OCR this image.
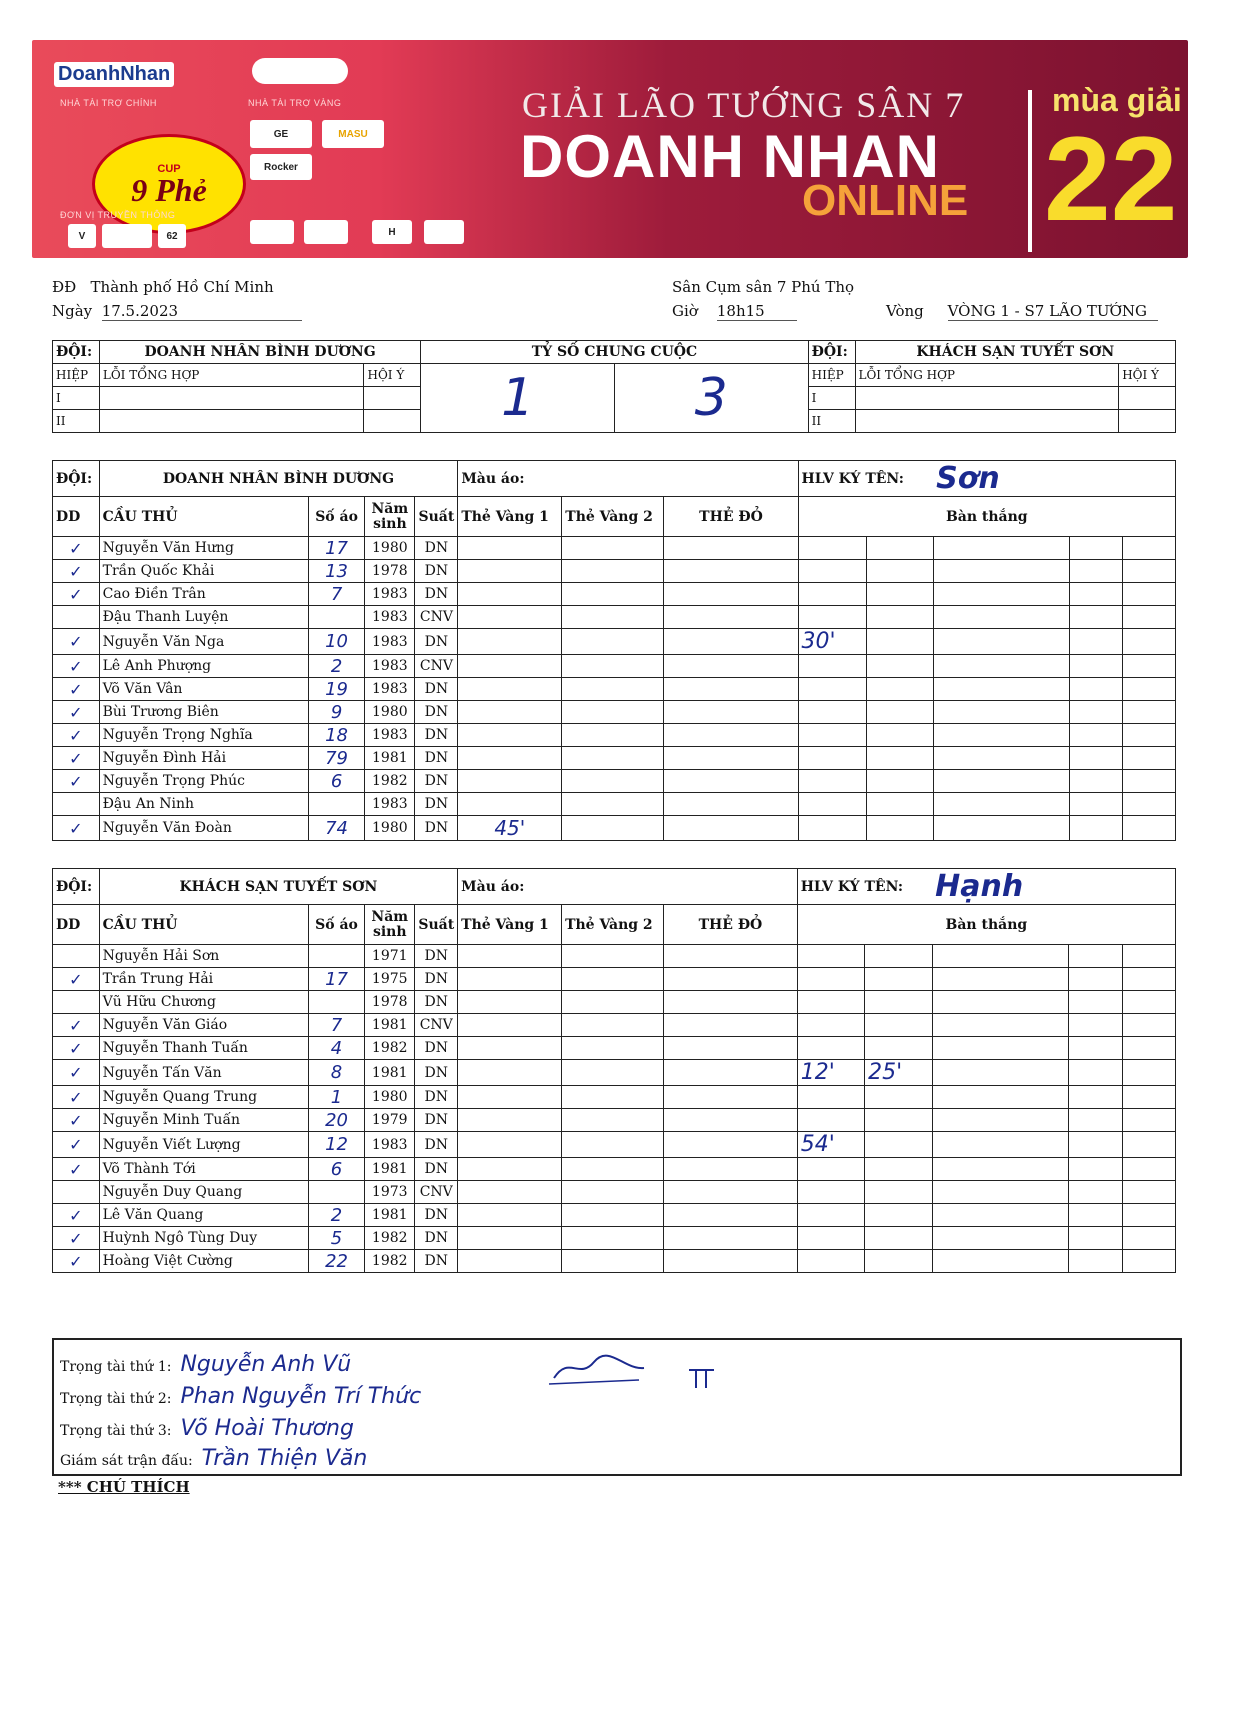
DoanhNhan
NHÀ TÀI TRỢ CHÍNH
CUP
9 Phẻ
ĐƠN VỊ TRUYỀN THÔNG
V	62
NHÀ TÀI TRỢ VÀNG
GE	MASU
Rocker
H
GIẢI LÃO TƯỚNG SÂN 7
DOANH NHAN
ONLINE
mùa giải
22
ĐĐ Thành phố Hồ Chí Minh
Ngày 17.5.2023
Sân Cụm sân 7 Phú Thọ
Giờ 18h15	Vòng VÒNG 1 - S7 LÃO TƯỚNG
ĐỘI:	DOANH NHÂN BÌNH DƯƠNG		TỶ SỐ CHUNG CUỘC		ĐỘI:	KHÁCH SẠN TUYẾT SƠN	
HIỆP	LỖI TỔNG HỢP	HỘI Ý	1	3	HIỆP	LỖI TỔNG HỢP	HỘI Ý
I					I		
II					II		
ĐỘI:	DOANH NHÂN BÌNH DƯƠNG				Màu áo:			HLV KÝ TÊN:		Sơn		
DD	CẦU THỦ	Số áo	Năm sinh	Suất	Thẻ Vàng 1	Thẻ Vàng 2	THẺ ĐỎ	Bàn thắng				
✓	Nguyễn Văn Hưng	17	1980	DN								
✓	Trần Quốc Khải	13	1978	DN								
✓	Cao Điền Trân	7	1983	DN								
	Đậu Thanh Luyện		1983	CNV								
✓	Nguyễn Văn Nga	10	1983	DN				30'				
✓	Lê Anh Phượng	2	1983	CNV								
✓	Võ Văn Vân	19	1983	DN								
✓	Bùi Trương Biên	9	1980	DN								
✓	Nguyễn Trọng Nghĩa	18	1983	DN								
✓	Nguyễn Đình Hải	79	1981	DN								
✓	Nguyễn Trọng Phúc	6	1982	DN								
	Đậu An Ninh		1983	DN								
✓	Nguyễn Văn Đoàn	74	1980	DN	45'							
ĐỘI:	KHÁCH SẠN TUYẾT SƠN				Màu áo:			HLV KÝ TÊN:		Hạnh		
DD	CẦU THỦ	Số áo	Năm sinh	Suất	Thẻ Vàng 1	Thẻ Vàng 2	THẺ ĐỎ	Bàn thắng				
	Nguyễn Hải Sơn		1971	DN								
✓	Trần Trung Hải	17	1975	DN								
	Vũ Hữu Chương		1978	DN								
✓	Nguyễn Văn Giáo	7	1981	CNV								
✓	Nguyễn Thanh Tuấn	4	1982	DN								
✓	Nguyễn Tấn Văn	8	1981	DN				12'	25'			
✓	Nguyễn Quang Trung	1	1980	DN								
✓	Nguyễn Minh Tuấn	20	1979	DN								
✓	Nguyễn Viết Lượng	12	1983	DN				54'				
✓	Võ Thành Tới	6	1981	DN								
	Nguyễn Duy Quang		1973	CNV								
✓	Lê Văn Quang	2	1981	DN								
✓	Huỳnh Ngô Tùng Duy	5	1982	DN								
✓	Hoàng Việt Cường	22	1982	DN								
Trọng tài thứ 1: Nguyễn Anh Vũ
Trọng tài thứ 2: Phan Nguyễn Trí Thức
Trọng tài thứ 3: Võ Hoài Thương
Giám sát trận đấu: Trần Thiện Văn
*** CHÚ THÍCH
